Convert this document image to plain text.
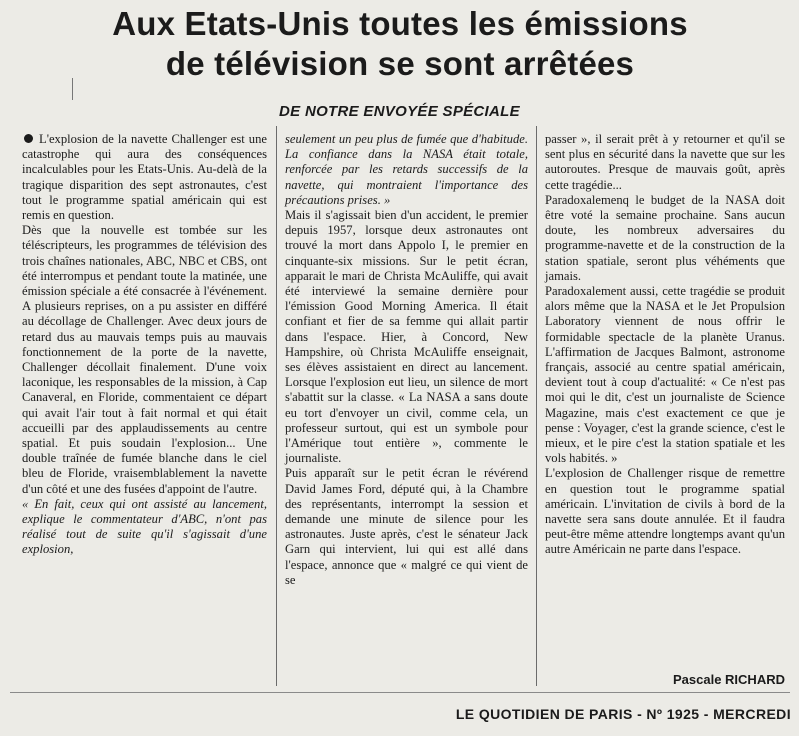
Aux Etats-Unis toutes les émissions
de télévision se sont arrêtées
DE NOTRE ENVOYÉE SPÉCIALE

L'explosion de la navette Challenger est une catastrophe qui aura des conséquences incalculables pour les Etats-Unis. Au-delà de la tragique disparition des sept astronautes, c'est tout le programme spatial américain qui est remis en question.

Dès que la nouvelle est tombée sur les téléscripteurs, les programmes de télévision des trois chaînes nationales, ABC, NBC et CBS, ont été interrompus et pendant toute la matinée, une émission spéciale a été consacrée à l'événement. A plusieurs reprises, on a pu assister en différé au décollage de Challenger. Avec deux jours de retard dus au mauvais temps puis au mauvais fonctionnement de la porte de la navette, Challenger décollait finalement. D'une voix laconique, les responsables de la mission, à Cap Canaveral, en Floride, commentaient ce départ qui avait l'air tout à fait normal et qui était accueilli par des applaudissements au centre spatial. Et puis soudain l'explosion... Une double traînée de fumée blanche dans le ciel bleu de Floride, vraisemblablement la navette d'un côté et une des fusées d'appoint de l'autre.

« En fait, ceux qui ont assisté au lancement, explique le commentateur d'ABC, n'ont pas réalisé tout de suite qu'il s'agissait d'une explosion,

seulement un peu plus de fumée que d'habitude. La confiance dans la NASA était totale, renforcée par les retards successifs de la navette, qui montraient l'importance des précautions prises. »

Mais il s'agissait bien d'un accident, le premier depuis 1957, lorsque deux astronautes ont trouvé la mort dans Appolo I, le premier en cinquante-six missions. Sur le petit écran, apparait le mari de Christa McAuliffe, qui avait été interviewé la semaine dernière pour l'émission Good Morning America. Il était confiant et fier de sa femme qui allait partir dans l'espace. Hier, à Concord, New Hampshire, où Christa McAuliffe enseignait, ses élèves assistaient en direct au lancement. Lorsque l'explosion eut lieu, un silence de mort s'abattit sur la classe. « La NASA a sans doute eu tort d'envoyer un civil, comme cela, un professeur surtout, qui est un symbole pour l'Amérique tout entière », commente le journaliste.

Puis apparaît sur le petit écran le révérend David James Ford, député qui, à la Chambre des représentants, interrompt la session et demande une minute de silence pour les astronautes. Juste après, c'est le sénateur Jack Garn qui intervient, lui qui est allé dans l'espace, annonce que « malgré ce qui vient de se

passer », il serait prêt à y retourner et qu'il se sent plus en sécurité dans la navette que sur les autoroutes. Presque de mauvais goût, après cette tragédie...

Paradoxalemenq le budget de la NASA doit être voté la semaine prochaine. Sans aucun doute, les nombreux adversaires du programme-navette et de la construction de la station spatiale, seront plus véhéments que jamais.

Paradoxalement aussi, cette tragédie se produit alors même que la NASA et le Jet Propulsion Laboratory viennent de nous offrir le formidable spectacle de la planète Uranus. L'affirmation de Jacques Balmont, astronome français, associé au centre spatial américain, devient tout à coup d'actualité: « Ce n'est pas moi qui le dit, c'est un journaliste de Science Magazine, mais c'est exactement ce que je pense : Voyager, c'est la grande science, c'est le mieux, et le pire c'est la station spatiale et les vols habités. »

L'explosion de Challenger risque de remettre en question tout le programme spatial américain. L'invitation de civils à bord de la navette sera sans doute annulée. Et il faudra peut-être même attendre longtemps avant qu'un autre Américain ne parte dans l'espace.

Pascale RICHARD
LE QUOTIDIEN DE PARIS - Nº 1925 - MERCREDI
